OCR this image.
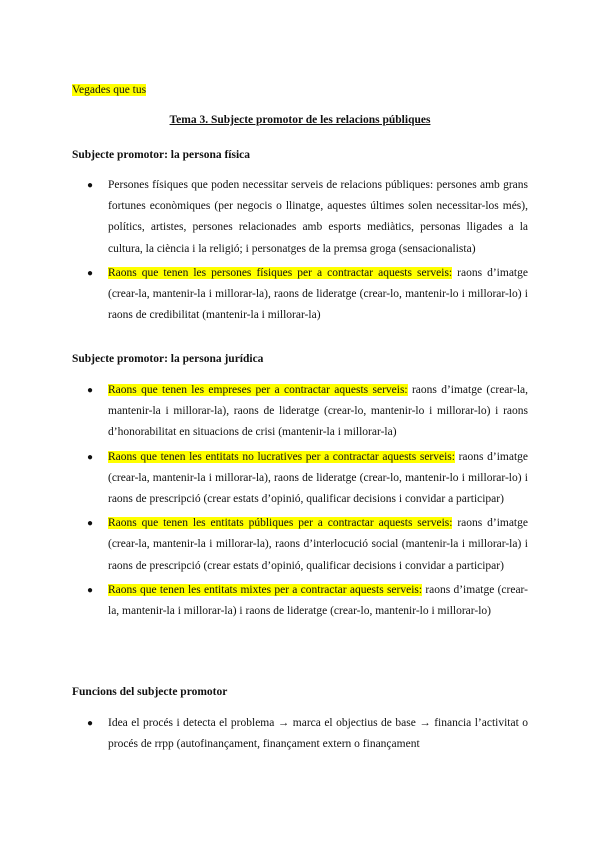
Vegades que tus
Tema 3. Subjecte promotor de les relacions públiques
Subjecte promotor: la persona física
● Persones físiques que poden necessitar serveis de relacions públiques: persones amb grans fortunes econòmiques (per negocis o llinatge, aquestes últimes solen necessitar-los més), polítics, artistes, persones relacionades amb esports mediàtics, personas lligades a la cultura, la ciència i la religió; i personatges de la premsa groga (sensacionalista)
● Raons que tenen les persones físiques per a contractar aquests serveis: raons d’imatge (crear-la, mantenir-la i millorar-la), raons de lideratge (crear-lo, mantenir-lo i millorar-lo) i raons de credibilitat (mantenir-la i millorar-la)
Subjecte promotor: la persona jurídica
● Raons que tenen les empreses per a contractar aquests serveis: raons d’imatge (crear-la, mantenir-la i millorar-la), raons de lideratge (crear-lo, mantenir-lo i millorar-lo) i raons d’honorabilitat en situacions de crisi (mantenir-la i millorar-la)
● Raons que tenen les entitats no lucratives per a contractar aquests serveis: raons d’imatge (crear-la, mantenir-la i millorar-la), raons de lideratge (crear-lo, mantenir-lo i millorar-lo) i raons de prescripció (crear estats d’opinió, qualificar decisions i convidar a participar)
● Raons que tenen les entitats públiques per a contractar aquests serveis: raons d’imatge (crear-la, mantenir-la i millorar-la), raons d’interlocució social (mantenir-la i millorar-la) i raons de prescripció (crear estats d’opinió, qualificar decisions i convidar a participar)
● Raons que tenen les entitats mixtes per a contractar aquests serveis: raons d’imatge (crear-la, mantenir-la i millorar-la) i raons de lideratge (crear-lo, mantenir-lo i millorar-lo)
Funcions del subjecte promotor
● Idea el procés i detecta el problema → marca el objectius de base → financia l’activitat o procés de rrpp (autofinançament, finançament extern o finançament
